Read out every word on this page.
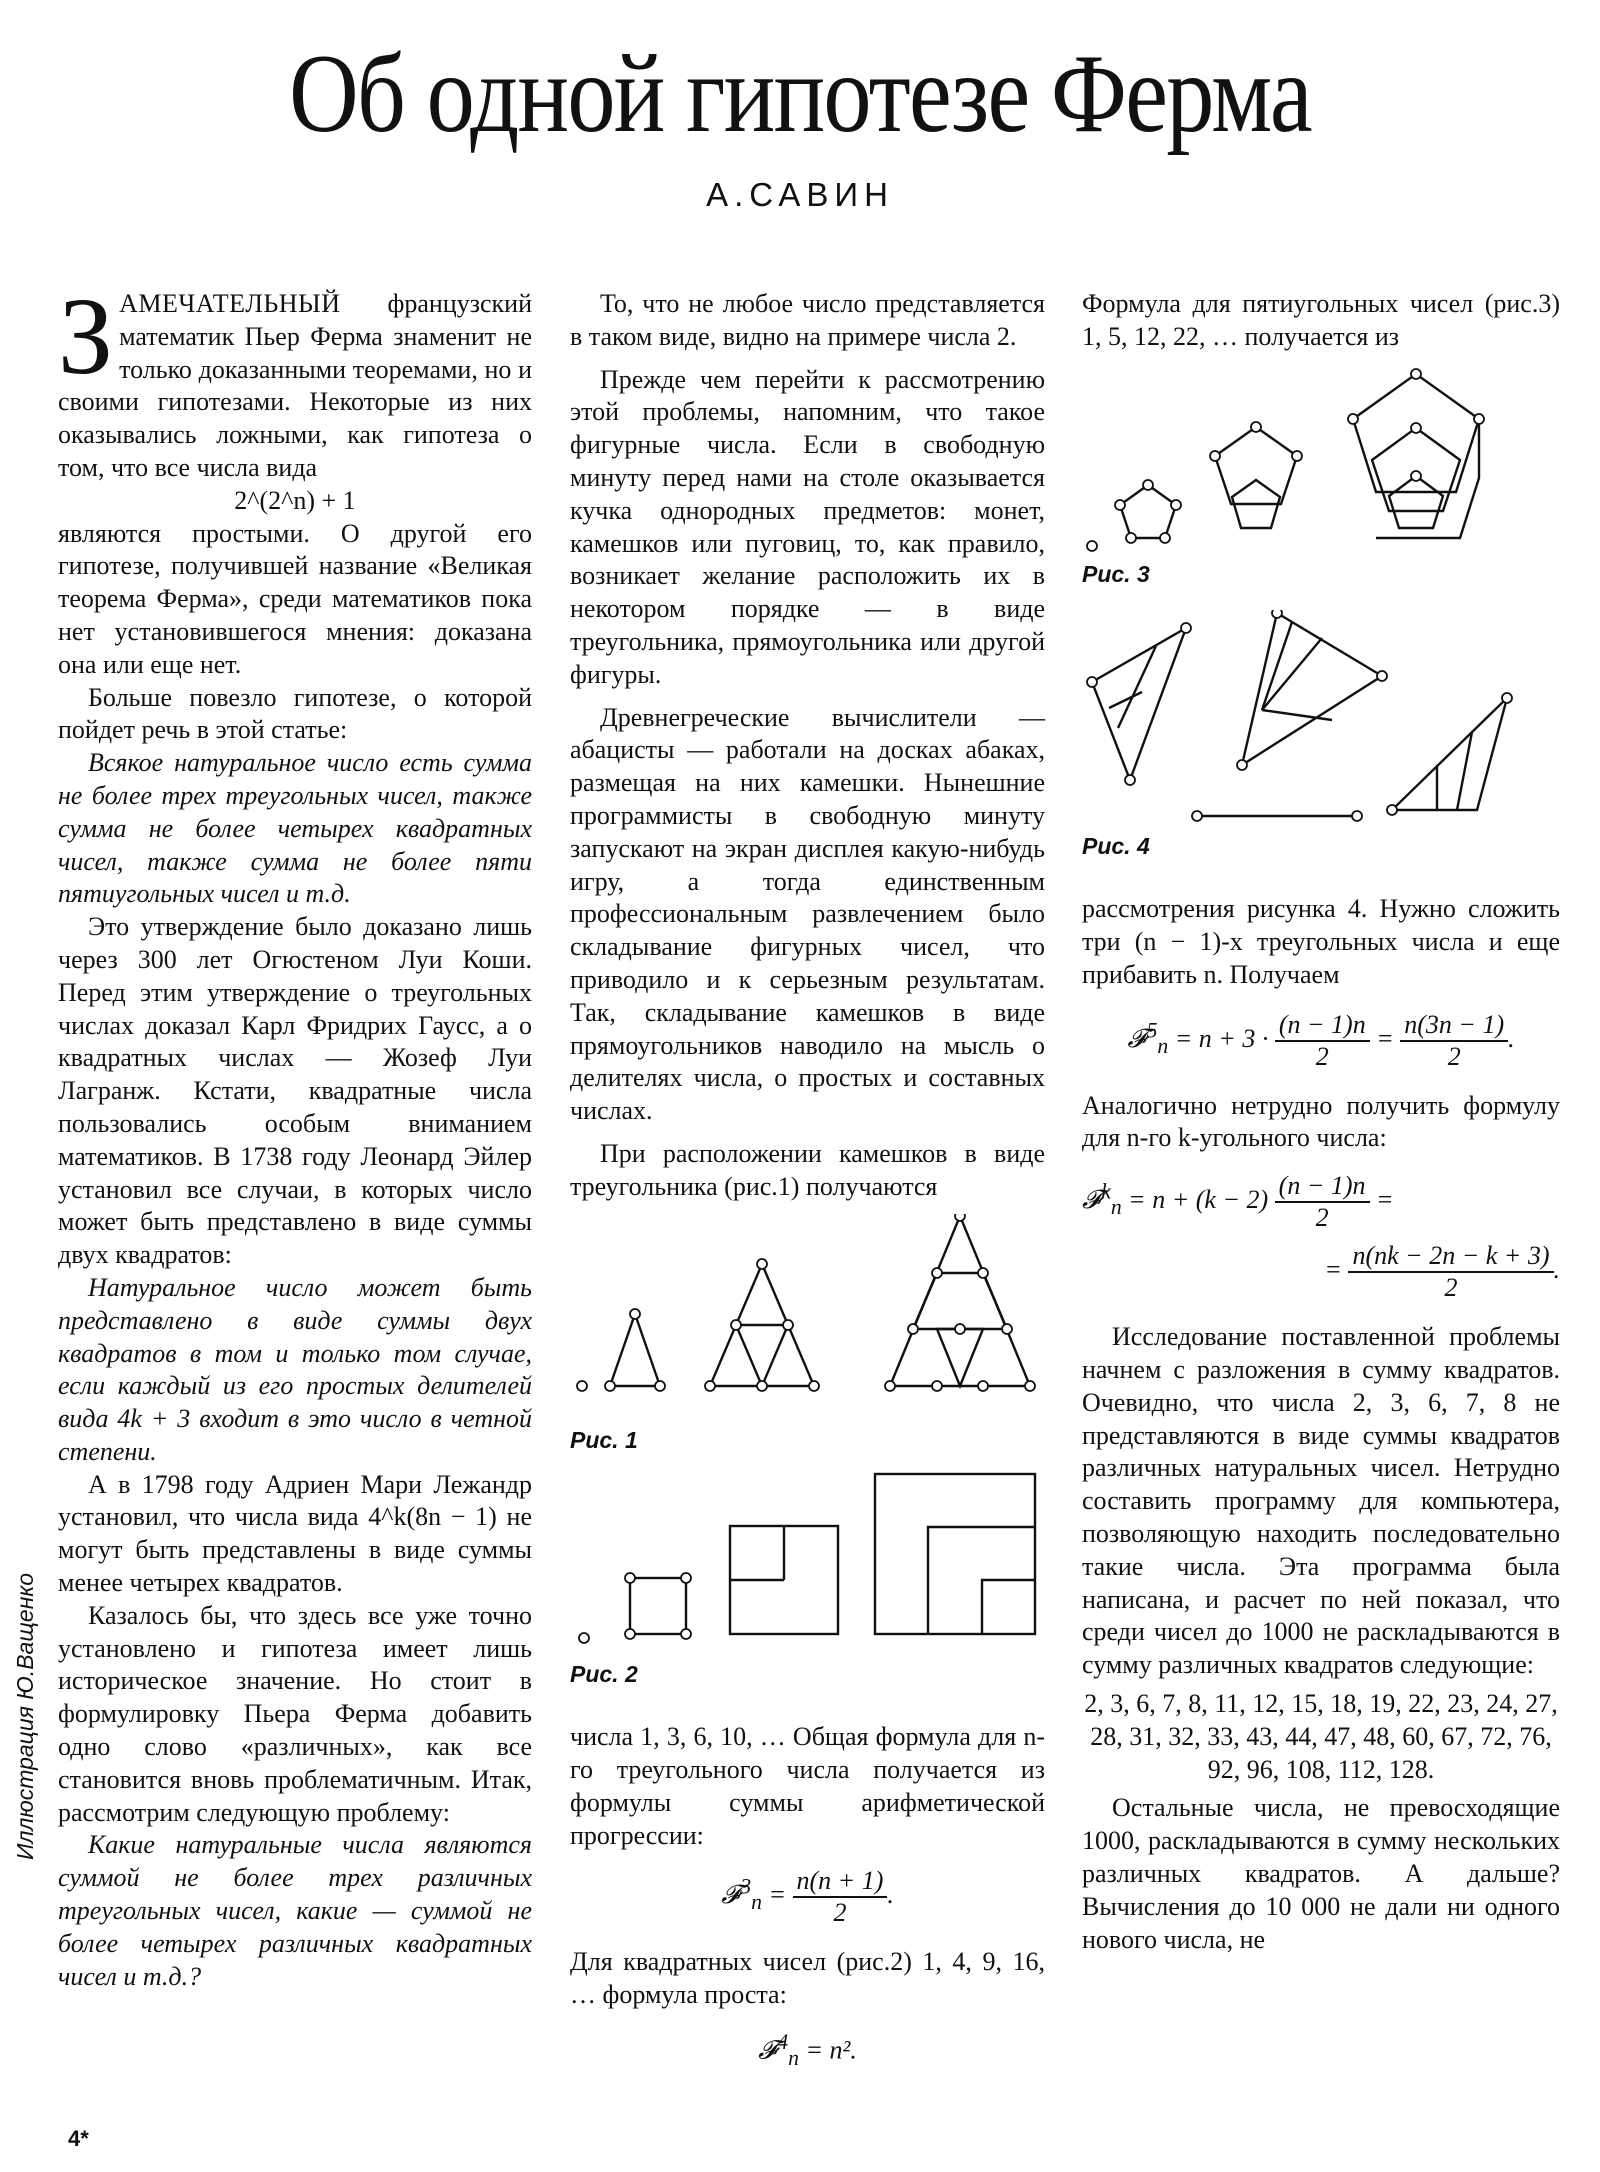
Об одной гипотезе Ферма
А.САВИН

ЗАМЕЧАТЕЛЬНЫЙ французский математик Пьер Ферма знаменит не только доказанными теоремами, но и своими гипотезами. Некоторые из них оказывались ложными, как гипотеза о том, что все числа вида

2^(2^n) + 1

являются простыми. О другой его гипотезе, получившей название «Великая теорема Ферма», среди математиков пока нет установившегося мнения: доказана она или еще нет.

Больше повезло гипотезе, о которой пойдет речь в этой статье:

Всякое натуральное число есть сумма не более трех треугольных чисел, также сумма не более четырех квадратных чисел, также сумма не более пяти пятиугольных чисел и т.д.

Это утверждение было доказано лишь через 300 лет Огюстеном Луи Коши. Перед этим утверждение о треугольных числах доказал Карл Фридрих Гаусс, а о квадратных числах — Жозеф Луи Лагранж. Кстати, квадратные числа пользовались особым вниманием математиков. В 1738 году Леонард Эйлер установил все случаи, в которых число может быть представлено в виде суммы двух квадратов:

Натуральное число может быть представлено в виде суммы двух квадратов в том и только том случае, если каждый из его простых делителей вида 4k + 3 входит в это число в четной степени.

А в 1798 году Адриен Мари Лежандр установил, что числа вида 4^k(8n − 1) не могут быть представлены в виде суммы менее четырех квадратов.

Казалось бы, что здесь все уже точно установлено и гипотеза имеет лишь историческое значение. Но стоит в формулировку Пьера Ферма добавить одно слово «различных», как все становится вновь проблематичным. Итак, рассмотрим следующую проблему:

Какие натуральные числа являются суммой не более трех различных треугольных чисел, какие — суммой не более четырех различных квадратных чисел и т.д.?

То, что не любое число представляется в таком виде, видно на примере числа 2.

Прежде чем перейти к рассмотрению этой проблемы, напомним, что такое фигурные числа. Если в свободную минуту перед нами на столе оказывается кучка однородных предметов: монет, камешков или пуговиц, то, как правило, возникает желание расположить их в некотором порядке — в виде треугольника, прямоугольника или другой фигуры.

Древнегреческие вычислители — абацисты — работали на досках абаках, размещая на них камешки. Нынешние программисты в свободную минуту запускают на экран дисплея какую-нибудь игру, а тогда единственным профессиональным развлечением было складывание фигурных чисел, что приводило и к серьезным результатам. Так, складывание камешков в виде прямоугольников наводило на мысль о делителях числа, о простых и составных числах.

При расположении камешков в виде треугольника (рис.1) получаются

Рис. 1

Рис. 2

числа 1, 3, 6, 10, … Общая формула для n-го треугольного числа получается из формулы суммы арифметической прогрессии:

𝓕$^3_n$ = $\frac{n(n + 1)}{2}$ .

Для квадратных чисел (рис.2) 1, 4, 9, 16, … формула проста:

𝓕$^4_n$ = n².

Формула для пятиугольных чисел (рис.3) 1, 5, 12, 22, … получается из

Рис. 3

Рис. 4

рассмотрения рисунка 4. Нужно сложить три (n − 1)-х треугольных числа и еще прибавить n. Получаем

𝓕$^5_n$ = $n + 3 \cdot \frac{(n - 1)n}{2} = \frac{n(3n - 1)}{2}$ .

Аналогично нетрудно получить формулу для n-го k-угольного числа:

𝓕$^k_n$ = $n + (k - 2) \frac{(n - 1)n}{2}$ =
= $\frac{n(nk - 2n - k + 3)}{2}$ .

Исследование поставленной проблемы начнем с разложения в сумму квадратов. Очевидно, что числа 2, 3, 6, 7, 8 не представляются в виде суммы квадратов различных натуральных чисел. Нетрудно составить программу для компьютера, позволяющую находить последовательно такие числа. Эта программа была написана, и расчет по ней показал, что среди чисел до 1000 не раскладываются в сумму различных квадратов следующие:

2, 3, 6, 7, 8, 11, 12, 15, 18, 19, 22, 23, 24, 27, 28, 31, 32, 33, 43, 44, 47, 48, 60, 67, 72, 76, 92, 96, 108, 112, 128.

Остальные числа, не превосходящие 1000, раскладываются в сумму нескольких различных квадратов. А дальше? Вычисления до 10 000 не дали ни одного нового числа, не

Иллюстрация Ю.Ващенко
4*
